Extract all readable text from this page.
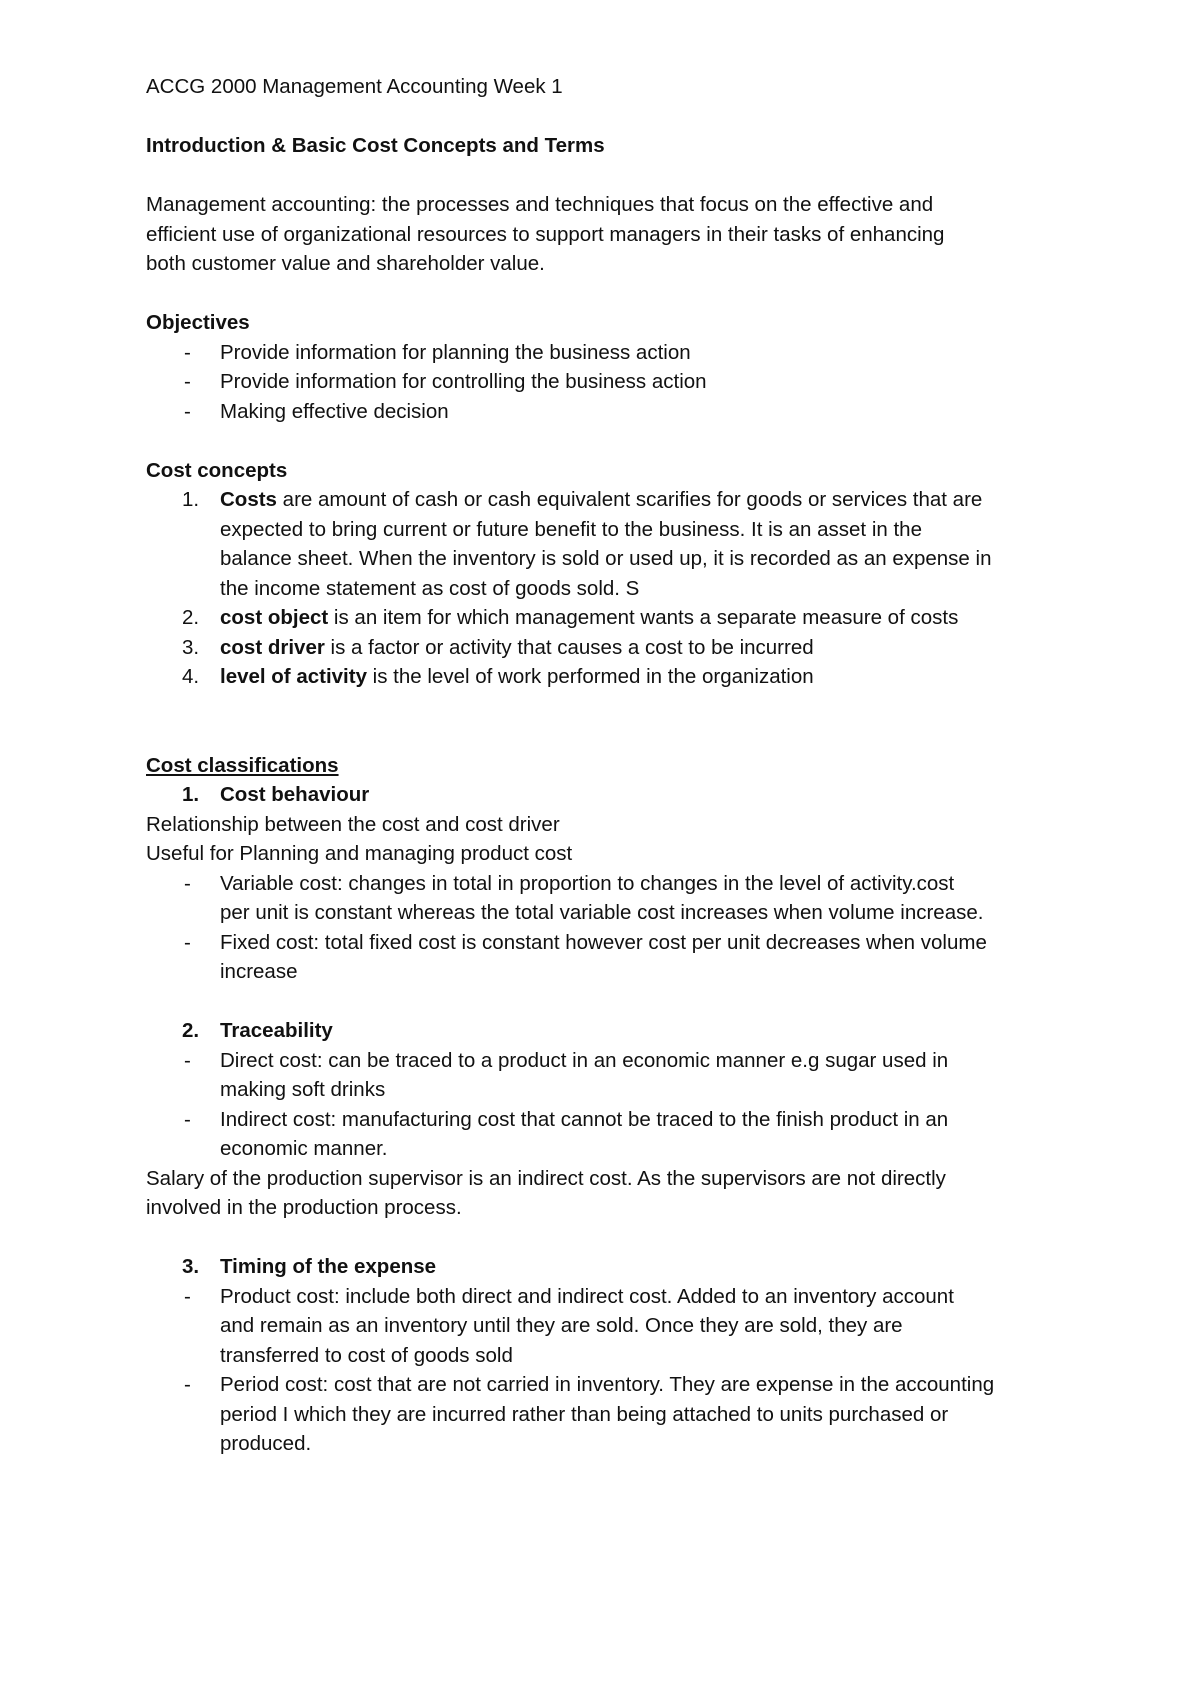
ACCG 2000 Management Accounting Week 1

Introduction & Basic Cost Concepts and Terms

Management accounting: the processes and techniques that focus on the effective and

efficient use of organizational resources to support managers in their tasks of enhancing

both customer value and shareholder value.

Objectives

-	Provide information for planning the business action
-	Provide information for controlling the business action
-	Making effective decision

Cost concepts

1.	Costs are amount of cash or cash equivalent scarifies for goods or services that are
expected to bring current or future benefit to the business. It is an asset in the
balance sheet. When the inventory is sold or used up, it is recorded as an expense in
the income statement as cost of goods sold. S
2.	cost object is an item for which management wants a separate measure of costs
3.	cost driver is a factor or activity that causes a cost to be incurred
4.	level of activity is the level of work performed in the organization

Cost classifications

1.	Cost behaviour

Relationship between the cost and cost driver

Useful for Planning and managing product cost

-	Variable cost: changes in total in proportion to changes in the level of activity.cost
per unit is constant whereas the total variable cost increases when volume increase.
-	Fixed cost: total fixed cost is constant however cost per unit decreases when volume
increase
2.	Traceability
-	Direct cost: can be traced to a product in an economic manner e.g sugar used in
making soft drinks
-	Indirect cost: manufacturing cost that cannot be traced to the finish product in an
economic manner.

Salary of the production supervisor is an indirect cost. As the supervisors are not directly

involved in the production process.

3.	Timing of the expense
-	Product cost: include both direct and indirect cost. Added to an inventory account
and remain as an inventory until they are sold. Once they are sold, they are
transferred to cost of goods sold
-	Period cost: cost that are not carried in inventory. They are expense in the accounting
period I which they are incurred rather than being attached to units purchased or
produced.
